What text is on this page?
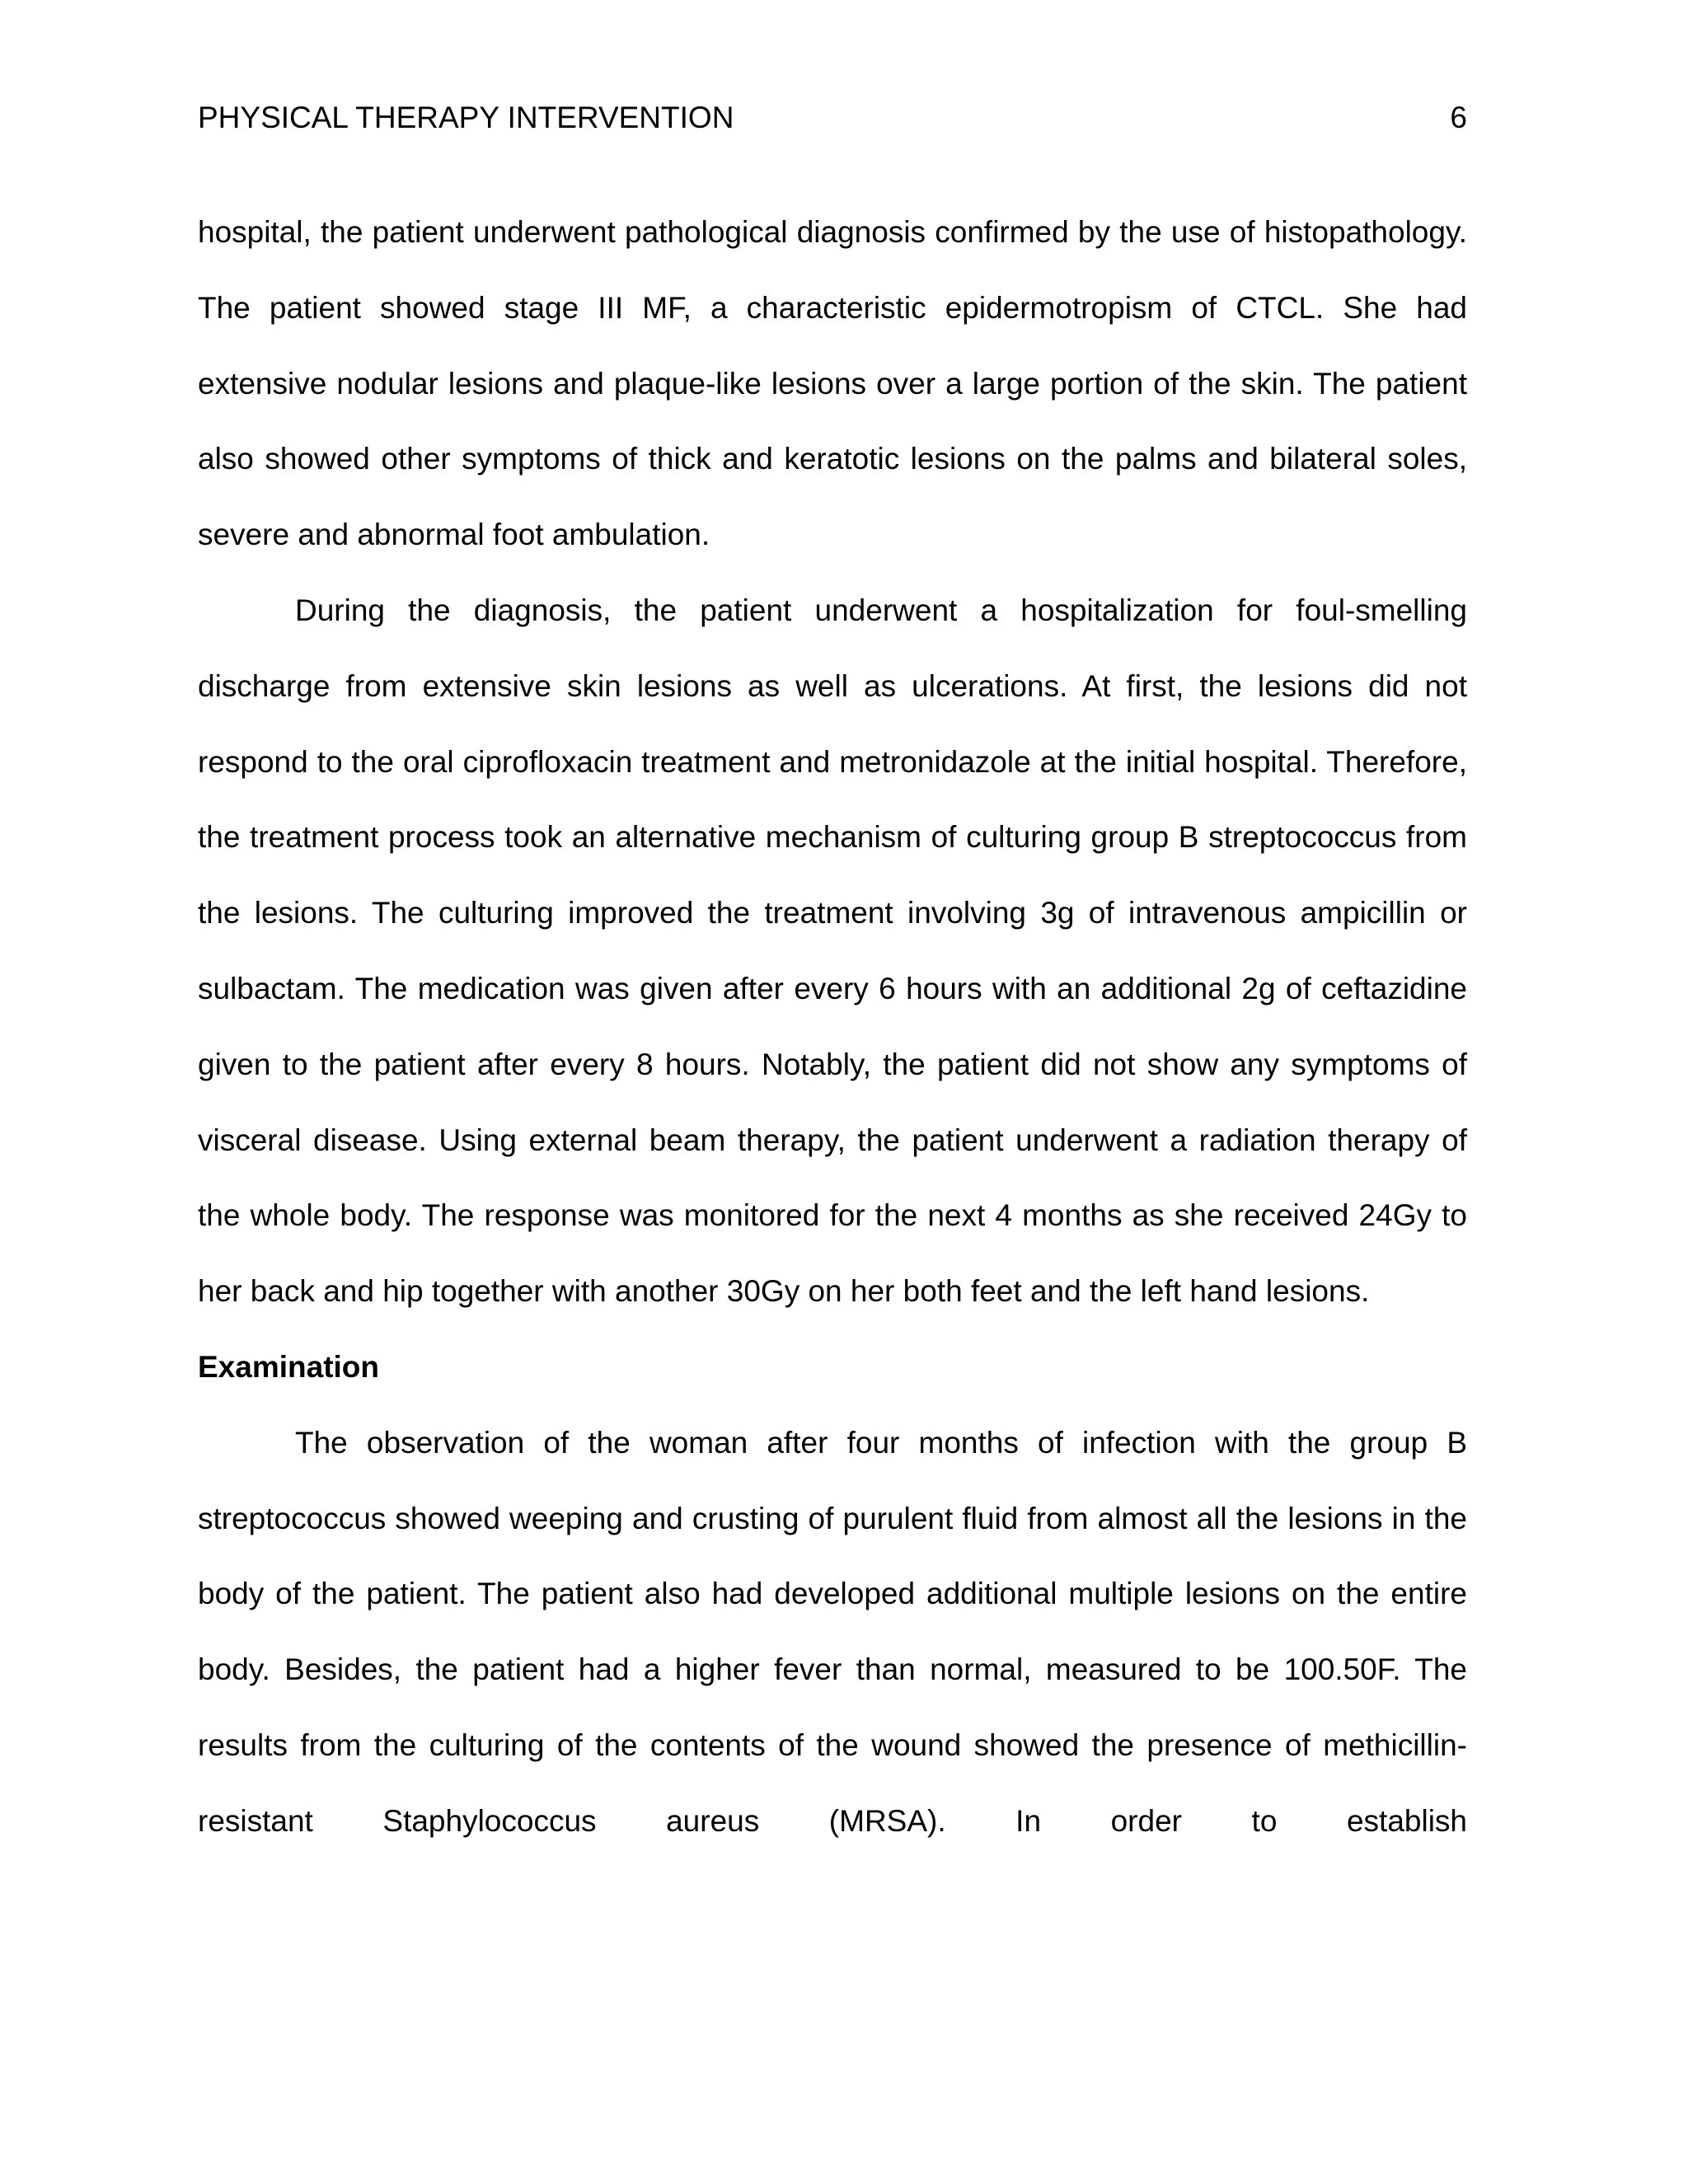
PHYSICAL THERAPY INTERVENTION	6

hospital, the patient underwent pathological diagnosis confirmed by the use of histopathology. The patient showed stage III MF, a characteristic epidermotropism of CTCL. She had extensive nodular lesions and plaque-like lesions over a large portion of the skin. The patient also showed other symptoms of thick and keratotic lesions on the palms and bilateral soles, severe and abnormal foot ambulation.

During the diagnosis, the patient underwent a hospitalization for foul-smelling discharge from extensive skin lesions as well as ulcerations. At first, the lesions did not respond to the oral ciprofloxacin treatment and metronidazole at the initial hospital. Therefore, the treatment process took an alternative mechanism of culturing group B streptococcus from the lesions. The culturing improved the treatment involving 3g of intravenous ampicillin or sulbactam. The medication was given after every 6 hours with an additional 2g of ceftazidine given to the patient after every 8 hours. Notably, the patient did not show any symptoms of visceral disease. Using external beam therapy, the patient underwent a radiation therapy of the whole body. The response was monitored for the next 4 months as she received 24Gy to her back and hip together with another 30Gy on her both feet and the left hand lesions.

Examination

The observation of the woman after four months of infection with the group B streptococcus showed weeping and crusting of purulent fluid from almost all the lesions in the body of the patient. The patient also had developed additional multiple lesions on the entire body. Besides, the patient had a higher fever than normal, measured to be 100.50F. The results from the culturing of the contents of the wound showed the presence of methicillin-resistant Staphylococcus aureus (MRSA). In order to establish
